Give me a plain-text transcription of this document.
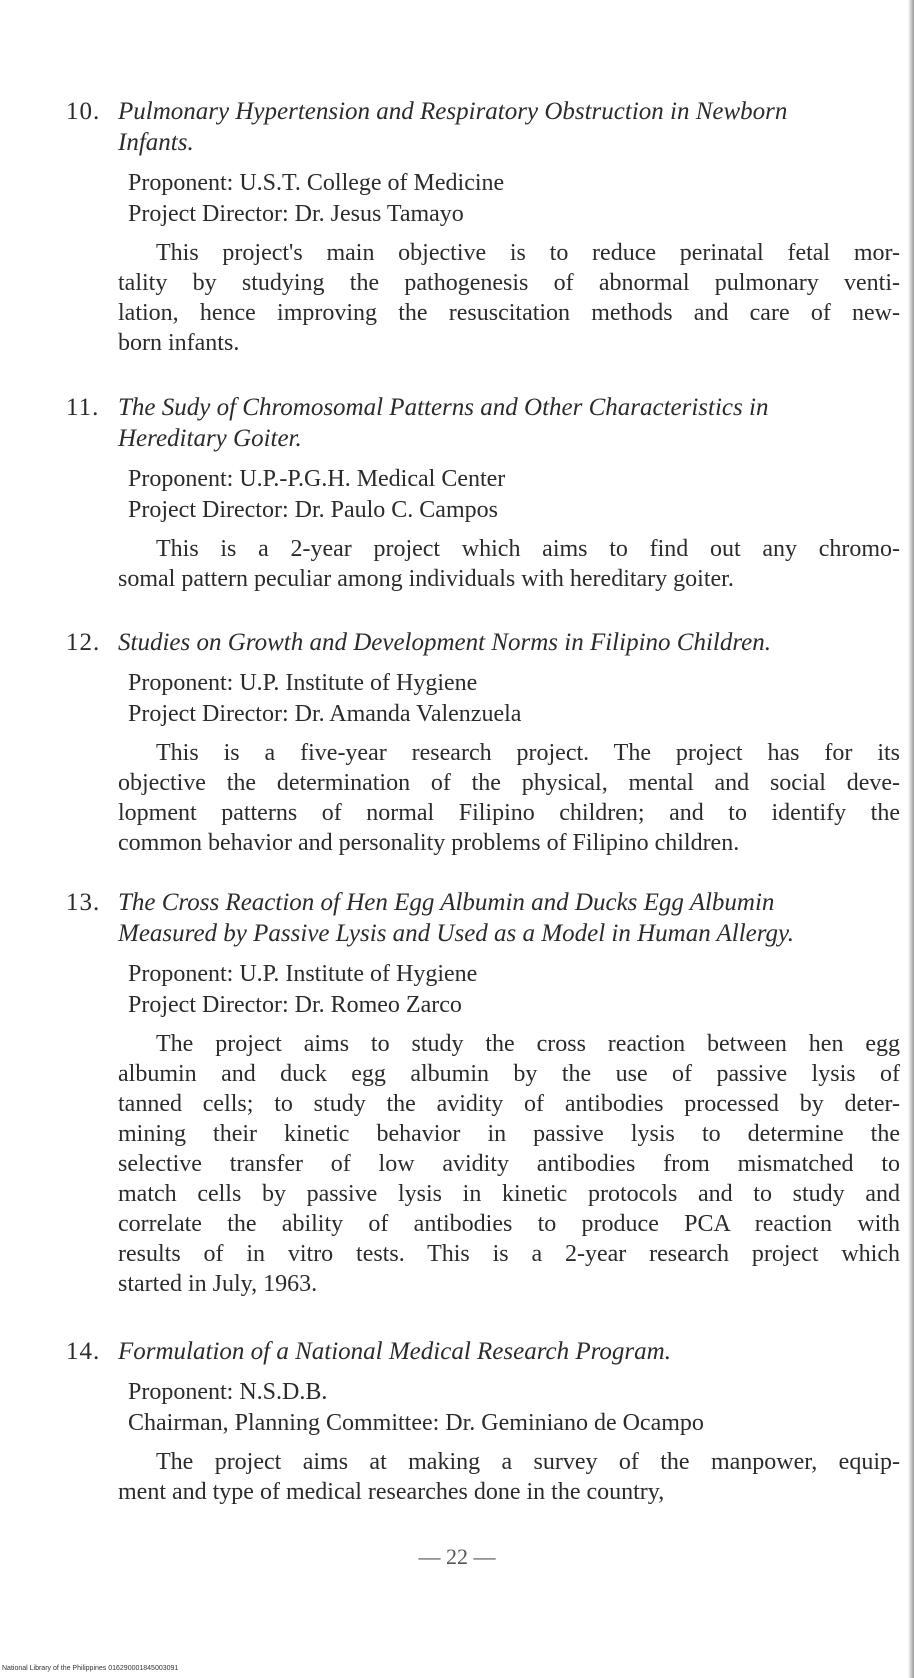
10. Pulmonary Hypertension and Respiratory Obstruction in Newborn
Infants.
Proponent: U.S.T. College of Medicine
Project Director: Dr. Jesus Tamayo
This project's main objective is to reduce perinatal fetal mor-
tality by studying the pathogenesis of abnormal pulmonary venti-
lation, hence improving the resuscitation methods and care of new-
born infants.
11. The Sudy of Chromosomal Patterns and Other Characteristics in
Hereditary Goiter.
Proponent: U.P.-P.G.H. Medical Center
Project Director: Dr. Paulo C. Campos
This is a 2-year project which aims to find out any chromo-
somal pattern peculiar among individuals with hereditary goiter.
12. Studies on Growth and Development Norms in Filipino Children.
Proponent: U.P. Institute of Hygiene
Project Director: Dr. Amanda Valenzuela
This is a five-year research project. The project has for its
objective the determination of the physical, mental and social deve-
lopment patterns of normal Filipino children; and to identify the
common behavior and personality problems of Filipino children.
13. The Cross Reaction of Hen Egg Albumin and Ducks Egg Albumin
Measured by Passive Lysis and Used as a Model in Human Allergy.
Proponent: U.P. Institute of Hygiene
Project Director: Dr. Romeo Zarco
The project aims to study the cross reaction between hen egg
albumin and duck egg albumin by the use of passive lysis of
tanned cells; to study the avidity of antibodies processed by deter-
mining their kinetic behavior in passive lysis to determine the
selective transfer of low avidity antibodies from mismatched to
match cells by passive lysis in kinetic protocols and to study and
correlate the ability of antibodies to produce PCA reaction with
results of in vitro tests. This is a 2-year research project which
started in July, 1963.
14. Formulation of a National Medical Research Program.
Proponent: N.S.D.B.
Chairman, Planning Committee: Dr. Geminiano de Ocampo
The project aims at making a survey of the manpower, equip-
ment and type of medical researches done in the country,
— 22 —
National Library of the Philippines 016290001845003091
